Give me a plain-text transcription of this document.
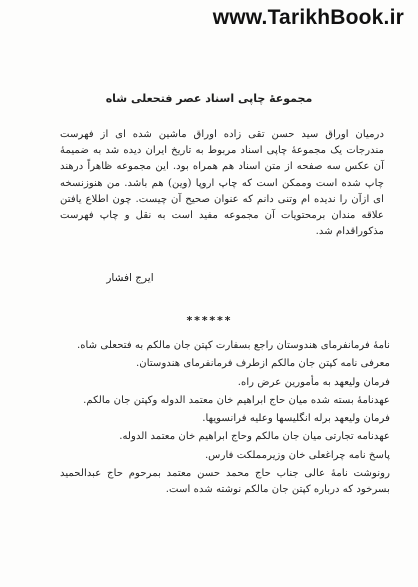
www.TarikhBook.ir
مجموعهٔ چاپی اسناد عصر فتحعلی شاه

درمیان اوراق سید حسن تقی زاده اوراق ماشین شده ای از فهرست مندرجات یک مجموعهٔ چاپی اسناد مربوط به تاریخ ایران دیده شد به ضمیمهٔ آن عکس سه صفحه از متن اسناد هم همراه بود. این مجموعه ظاهراً درهند چاپ شده است وممکن است که چاپ اروپا (وین) هم باشد. من هنوزنسخه ای ازآن را ندیده ام وتنی دانم که عنوان صحیح آن چیست. چون اطلاع یافتن علاقه مندان برمحتویات آن مجموعه مفید است به نقل و چاپ فهرست مذکوراقدام شد.

ایرج افشار
******
نامهٔ فرمانفرمای هندوستان راجع بسفارت کپتن جان مالکم به فتحعلی شاه.
معرفی نامه کپتن جان مالکم ازطرف فرمانفرمای هندوستان.
فرمان ولیعهد به مأمورین عرض راه.
عهدنامهٔ بسته شده میان حاج ابراهیم خان معتمد الدوله وکپتن جان مالکم.
فرمان ولیعهد برله انگلیسها وعلیه فرانسویها.
عهدنامه تجارتی میان جان مالکم وحاج ابراهیم خان معتمد الدوله.
پاسخ نامه چراغعلی خان وزیرمملکت فارس.
رونوشت نامهٔ عالی جناب حاج محمد حسن معتمد بمرحوم حاج عبدالحمید بسرخود که درباره کپتن جان مالکم نوشته شده است.
